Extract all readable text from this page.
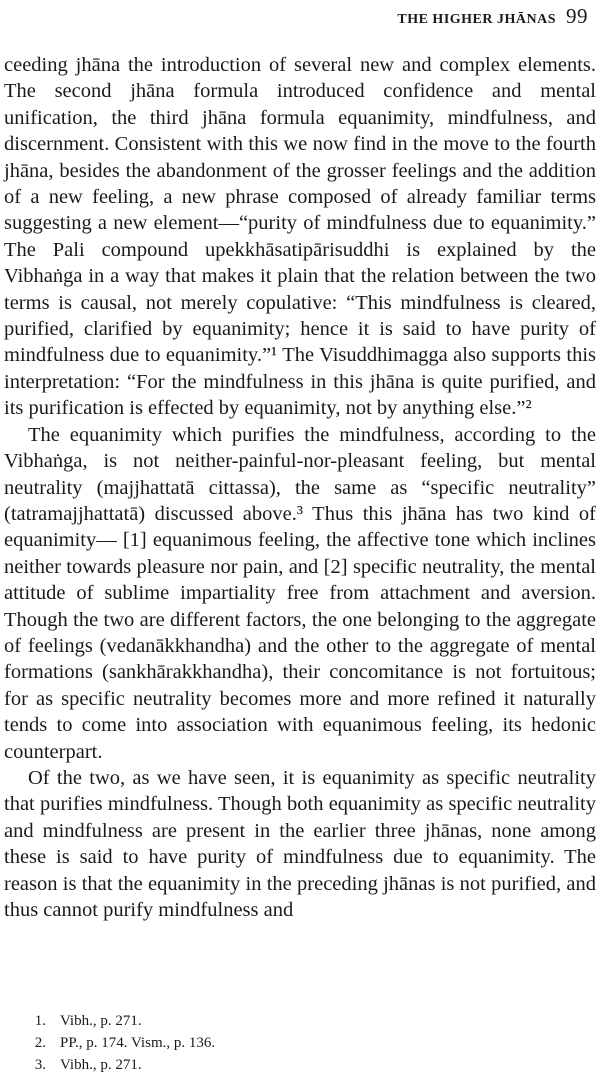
THE HIGHER JHĀNAS 99

ceeding jhāna the introduction of several new and complex elements. The second jhāna formula introduced confidence and mental unification, the third jhāna formula equanimity, mindfulness, and discernment. Consistent with this we now find in the move to the fourth jhāna, besides the abandonment of the grosser feelings and the addition of a new feeling, a new phrase composed of already familiar terms suggesting a new element—“purity of mindfulness due to equanimity.” The Pali compound upekkhāsatipārisuddhi is explained by the Vibhaṅga in a way that makes it plain that the relation between the two terms is causal, not merely copulative: “This mindfulness is cleared, purified, clarified by equanimity; hence it is said to have purity of mindfulness due to equanimity.”¹ The Visuddhimagga also supports this interpretation: “For the mindfulness in this jhāna is quite purified, and its purification is effected by equanimity, not by anything else.”²

The equanimity which purifies the mindfulness, according to the Vibhaṅga, is not neither-painful-nor-pleasant feeling, but mental neutrality (majjhattatā cittassa), the same as “specific neutrality” (tatramajjhattatā) discussed above.³ Thus this jhāna has two kind of equanimity— [1] equanimous feeling, the affective tone which inclines neither towards pleasure nor pain, and [2] specific neutrality, the mental attitude of sublime impartiality free from attachment and aversion. Though the two are different factors, the one belonging to the aggregate of feelings (vedanākkhandha) and the other to the aggregate of mental formations (sankhārakkhandha), their concomitance is not fortuitous; for as specific neutrality becomes more and more refined it naturally tends to come into association with equanimous feeling, its hedonic counterpart.

Of the two, as we have seen, it is equanimity as specific neutrality that purifies mindfulness. Though both equanimity as specific neutrality and mindfulness are present in the earlier three jhānas, none among these is said to have purity of mindfulness due to equanimity. The reason is that the equanimity in the preceding jhānas is not purified, and thus cannot purify mindfulness and

1. Vibh., p. 271.
2. PP., p. 174. Vism., p. 136.
3. Vibh., p. 271.
